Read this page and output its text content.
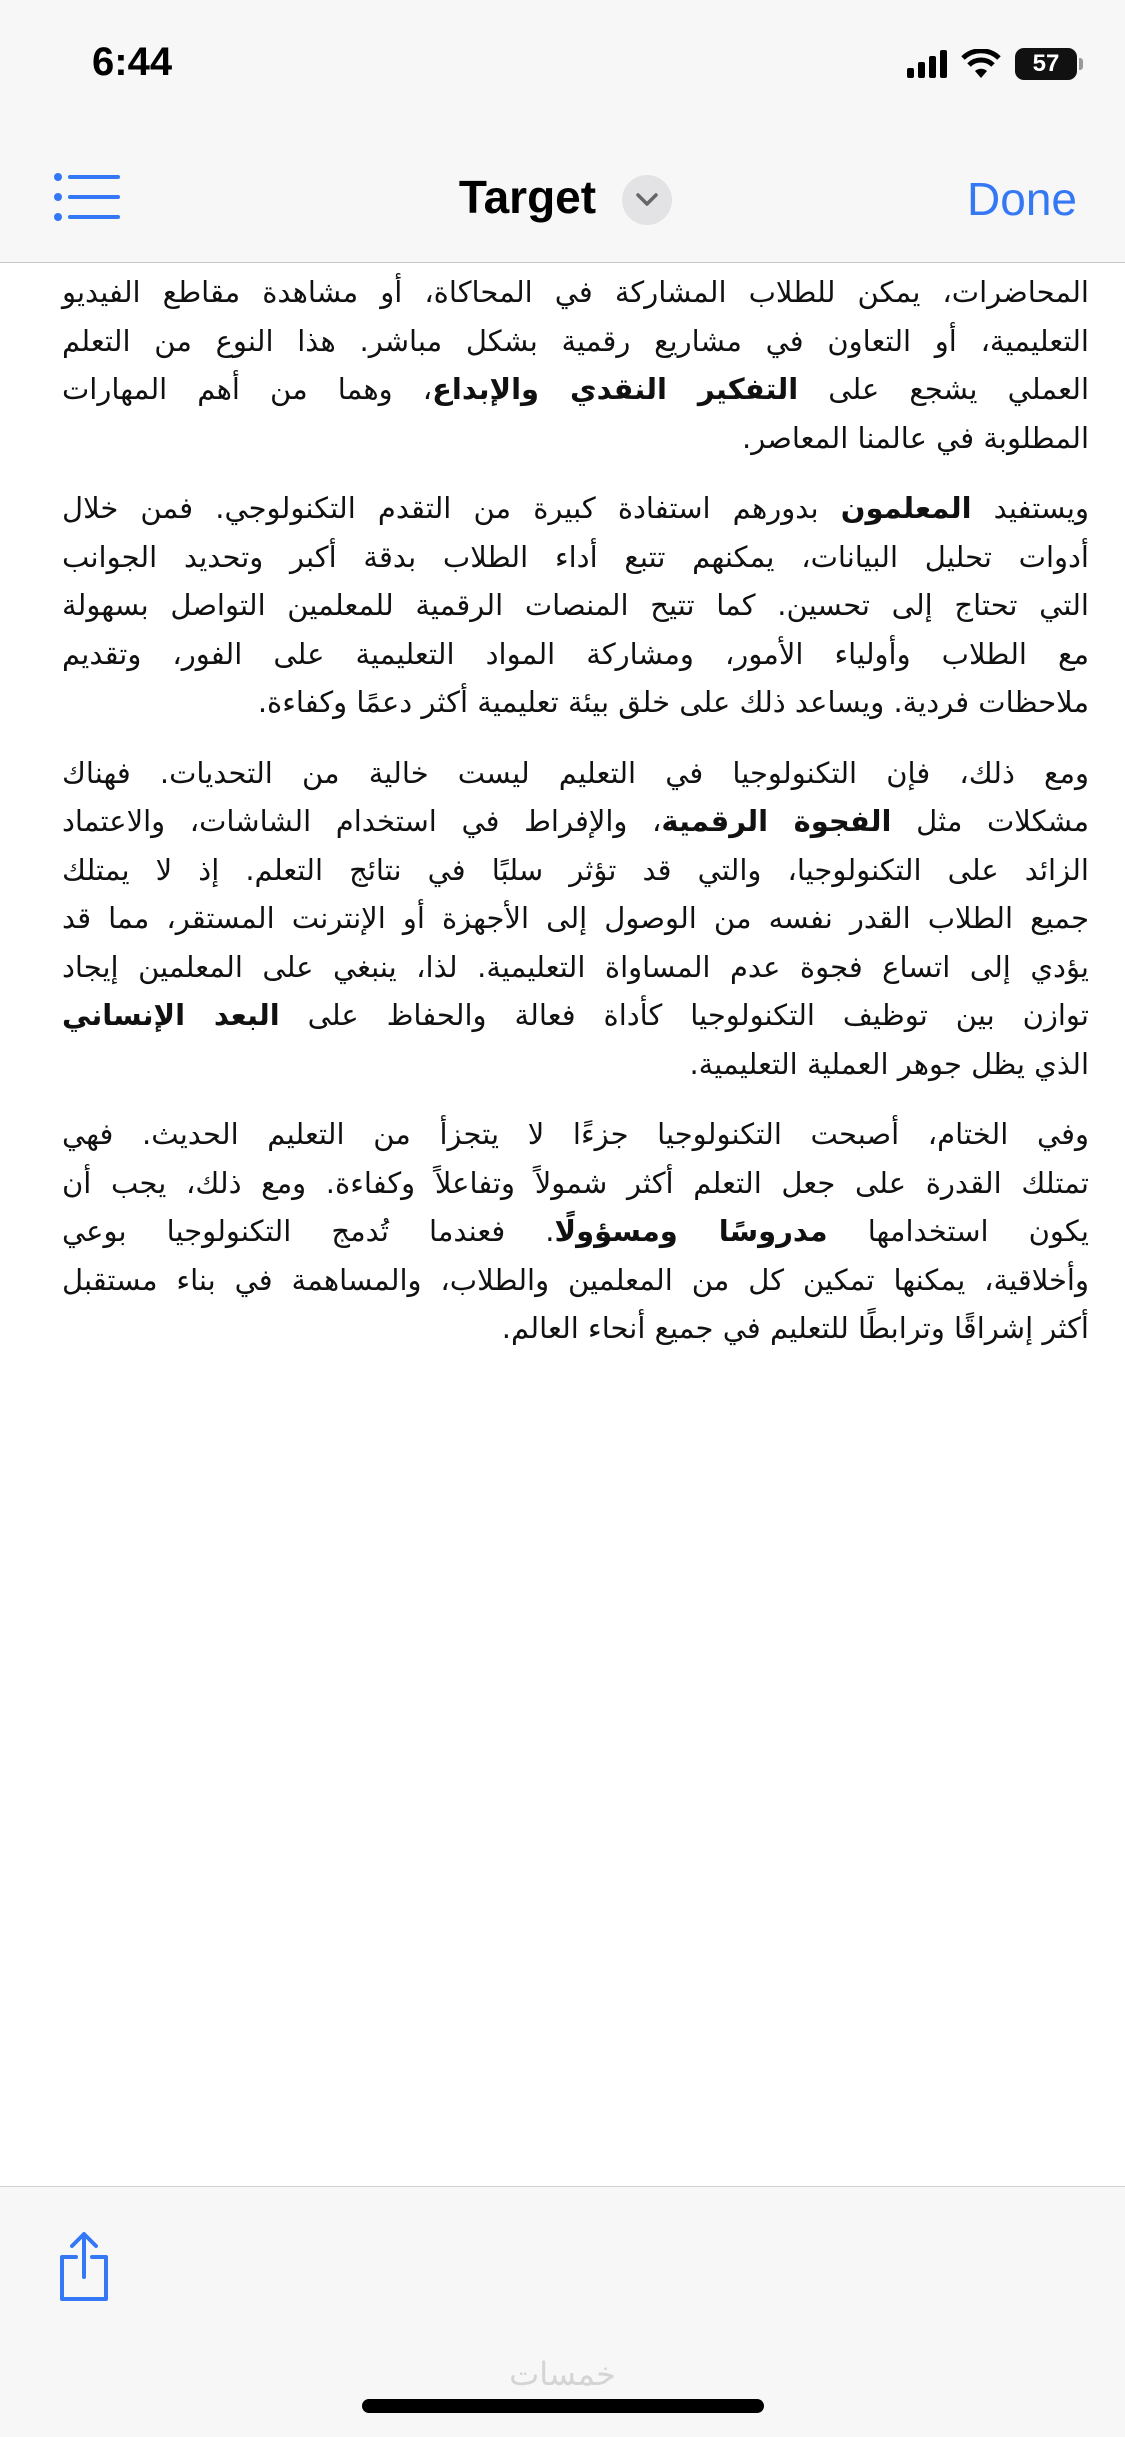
6:44	57
Target	Done
المحاضرات، يمكن للطلاب المشاركة في المحاكاة، أو مشاهدة مقاطع الفيديو
التعليمية، أو التعاون في مشاريع رقمية بشكل مباشر. هذا النوع من التعلم
العملي يشجع على التفكير النقدي والإبداع، وهما من أهم المهارات
المطلوبة في عالمنا المعاصر.
ويستفيد المعلمون بدورهم استفادة كبيرة من التقدم التكنولوجي. فمن خلال
أدوات تحليل البيانات، يمكنهم تتبع أداء الطلاب بدقة أكبر وتحديد الجوانب
التي تحتاج إلى تحسين. كما تتيح المنصات الرقمية للمعلمين التواصل بسهولة
مع الطلاب وأولياء الأمور، ومشاركة المواد التعليمية على الفور، وتقديم
ملاحظات فردية. ويساعد ذلك على خلق بيئة تعليمية أكثر دعمًا وكفاءة.
ومع ذلك، فإن التكنولوجيا في التعليم ليست خالية من التحديات. فهناك
مشكلات مثل الفجوة الرقمية، والإفراط في استخدام الشاشات، والاعتماد
الزائد على التكنولوجيا، والتي قد تؤثر سلبًا في نتائج التعلم. إذ لا يمتلك
جميع الطلاب القدر نفسه من الوصول إلى الأجهزة أو الإنترنت المستقر، مما قد
يؤدي إلى اتساع فجوة عدم المساواة التعليمية. لذا، ينبغي على المعلمين إيجاد
توازن بين توظيف التكنولوجيا كأداة فعالة والحفاظ على البعد الإنساني
الذي يظل جوهر العملية التعليمية.
وفي الختام، أصبحت التكنولوجيا جزءًا لا يتجزأ من التعليم الحديث. فهي
تمتلك القدرة على جعل التعلم أكثر شمولاً وتفاعلاً وكفاءة. ومع ذلك، يجب أن
يكون استخدامها مدروسًا ومسؤولًا. فعندما تُدمج التكنولوجيا بوعي
وأخلاقية، يمكنها تمكين كل من المعلمين والطلاب، والمساهمة في بناء مستقبل
أكثر إشراقًا وترابطًا للتعليم في جميع أنحاء العالم.
خمسات
